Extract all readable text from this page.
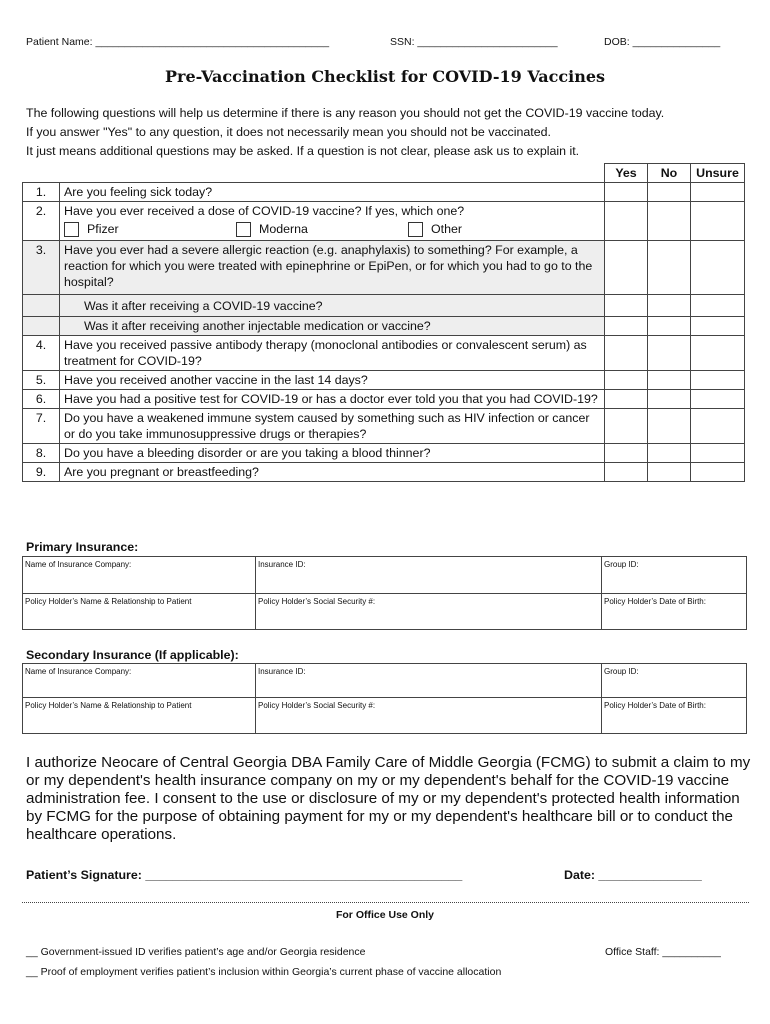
Patient Name: ________________________________________	SSN: ________________________	DOB: _______________
Pre-Vaccination Checklist for COVID-19 Vaccines
The following questions will help us determine if there is any reason you should not get the COVID-19 vaccine today.
If you answer "Yes" to any question, it does not necessarily mean you should not be vaccinated.
It just means additional questions may be asked. If a question is not clear, please ask us to explain it.
		Yes	No	Unsure
1.	Are you feeling sick today?			
2.	Have you ever received a dose of COVID-19 vaccine? If yes, which one?
Pfizer Moderna Other			

3.	Have you ever had a severe allergic reaction (e.g. anaphylaxis) to something? For example, a reaction for which you were treated with epinephrine or EpiPen, or for which you had to go to the hospital?			
	Was it after receiving a COVID-19 vaccine?			
	Was it after receiving another injectable medication or vaccine?			
4.	Have you received passive antibody therapy (monoclonal antibodies or convalescent serum) as treatment for COVID-19?			
5.	Have you received another vaccine in the last 14 days?			
6.	Have you had a positive test for COVID-19 or has a doctor ever told you that you had COVID-19?			
7.	Do you have a weakened immune system caused by something such as HIV infection or cancer or do you take immunosuppressive drugs or therapies?			
8.	Do you have a bleeding disorder or are you taking a blood thinner?			
9.	Are you pregnant or breastfeeding?			
Primary Insurance:
Name of Insurance Company:	Insurance ID:	Group ID:
Policy Holder’s Name & Relationship to Patient	Policy Holder’s Social Security #:	Policy Holder’s Date of Birth:
Secondary Insurance (If applicable):
Name of Insurance Company:	Insurance ID:	Group ID:
Policy Holder’s Name & Relationship to Patient	Policy Holder’s Social Security #:	Policy Holder’s Date of Birth:
I authorize Neocare of Central Georgia DBA Family Care of Middle Georgia (FCMG) to submit a claim to my or my dependent's health insurance company on my or my dependent's behalf for the COVID-19 vaccine administration fee. I consent to the use or disclosure of my or my dependent's protected health information by FCMG for the purpose of obtaining payment for my or my dependent's healthcare bill or to conduct the healthcare operations.
Patient’s Signature: ______________________________________________	Date: _______________
For Office Use Only
__ Government-issued ID verifies patient’s age and/or Georgia residence
__ Proof of employment verifies patient’s inclusion within Georgia’s current phase of vaccine allocation
Office Staff: __________
